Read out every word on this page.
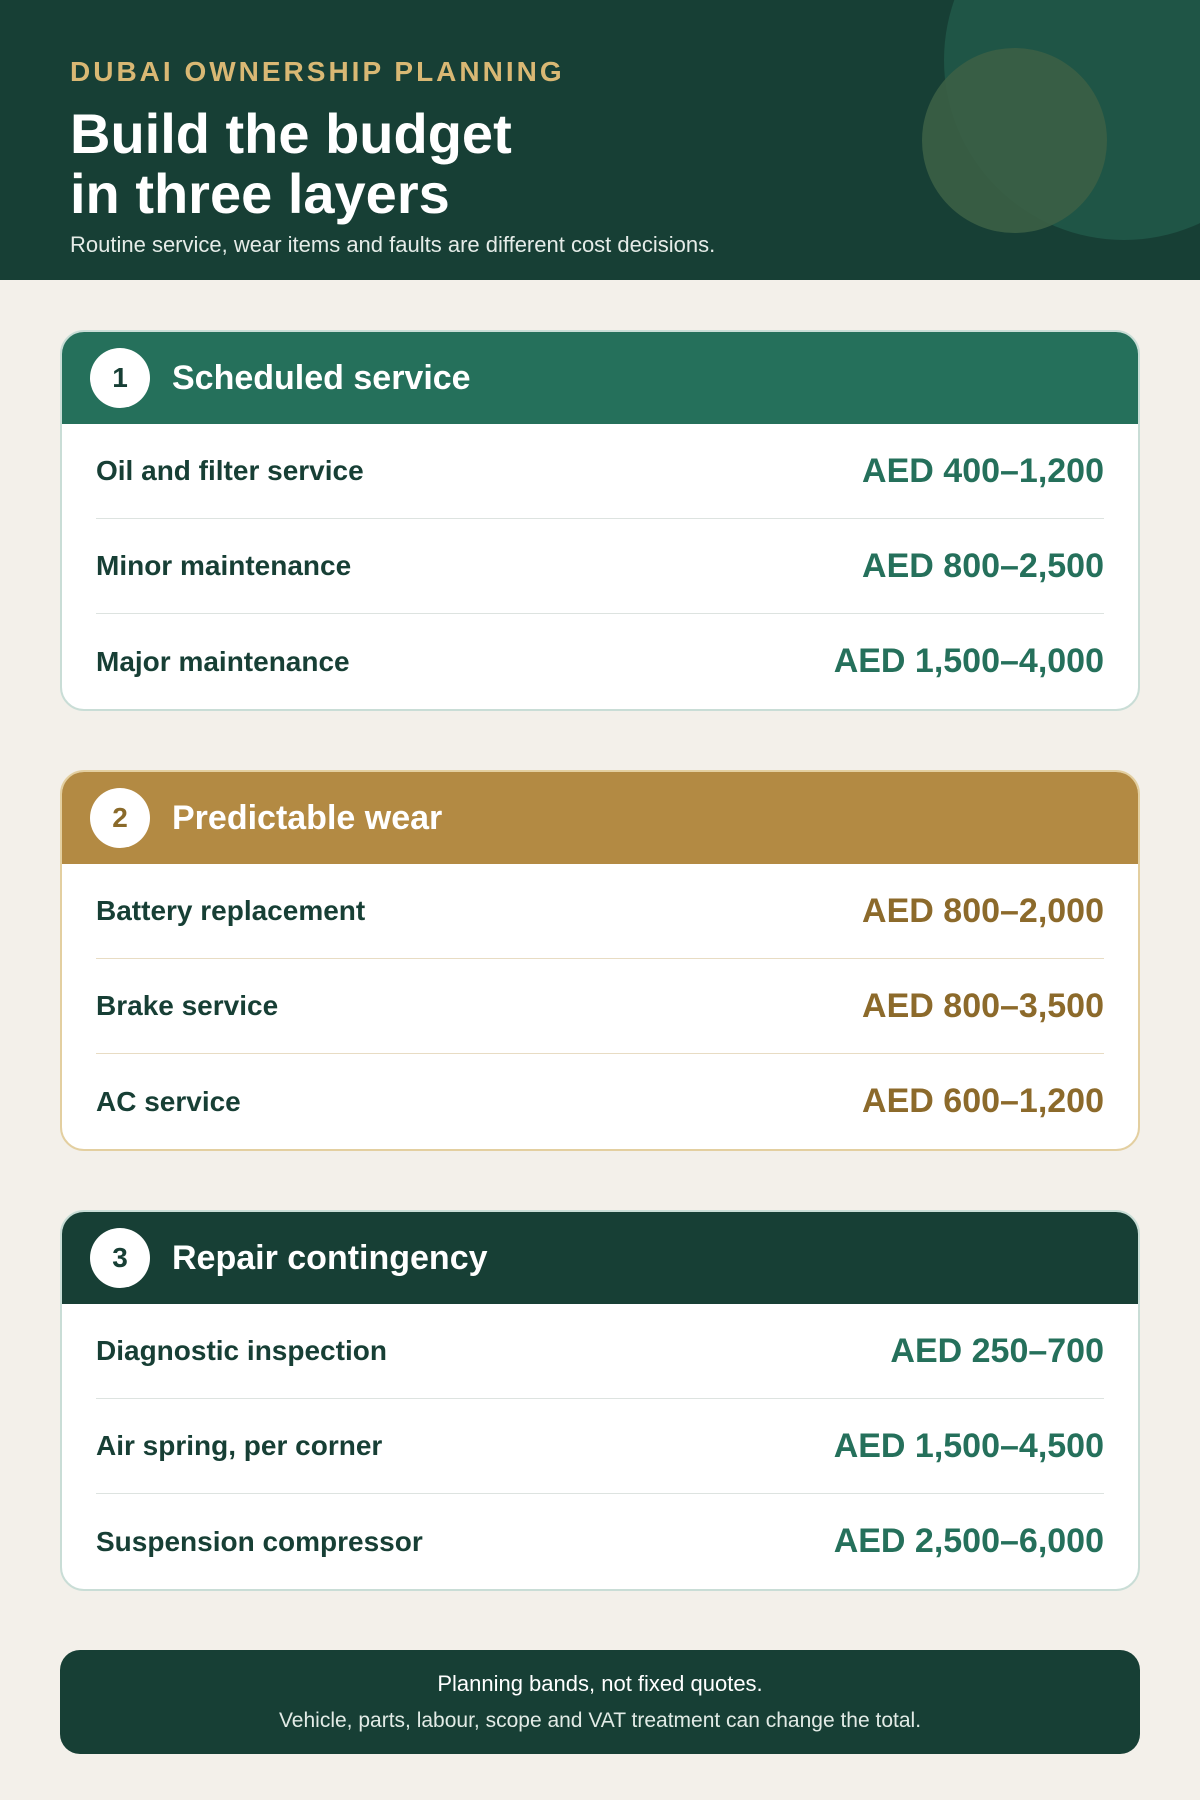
DUBAI OWNERSHIP PLANNING
Build the budget
in three layers
Routine service, wear items and faults are different cost decisions.
1	Scheduled service
Oil and filter service	AED 400–1,200
Minor maintenance	AED 800–2,500
Major maintenance	AED 1,500–4,000
2	Predictable wear
Battery replacement	AED 800–2,000
Brake service	AED 800–3,500
AC service	AED 600–1,200
3	Repair contingency
Diagnostic inspection	AED 250–700
Air spring, per corner	AED 1,500–4,500
Suspension compressor	AED 2,500–6,000
Planning bands, not fixed quotes.
Vehicle, parts, labour, scope and VAT treatment can change the total.
